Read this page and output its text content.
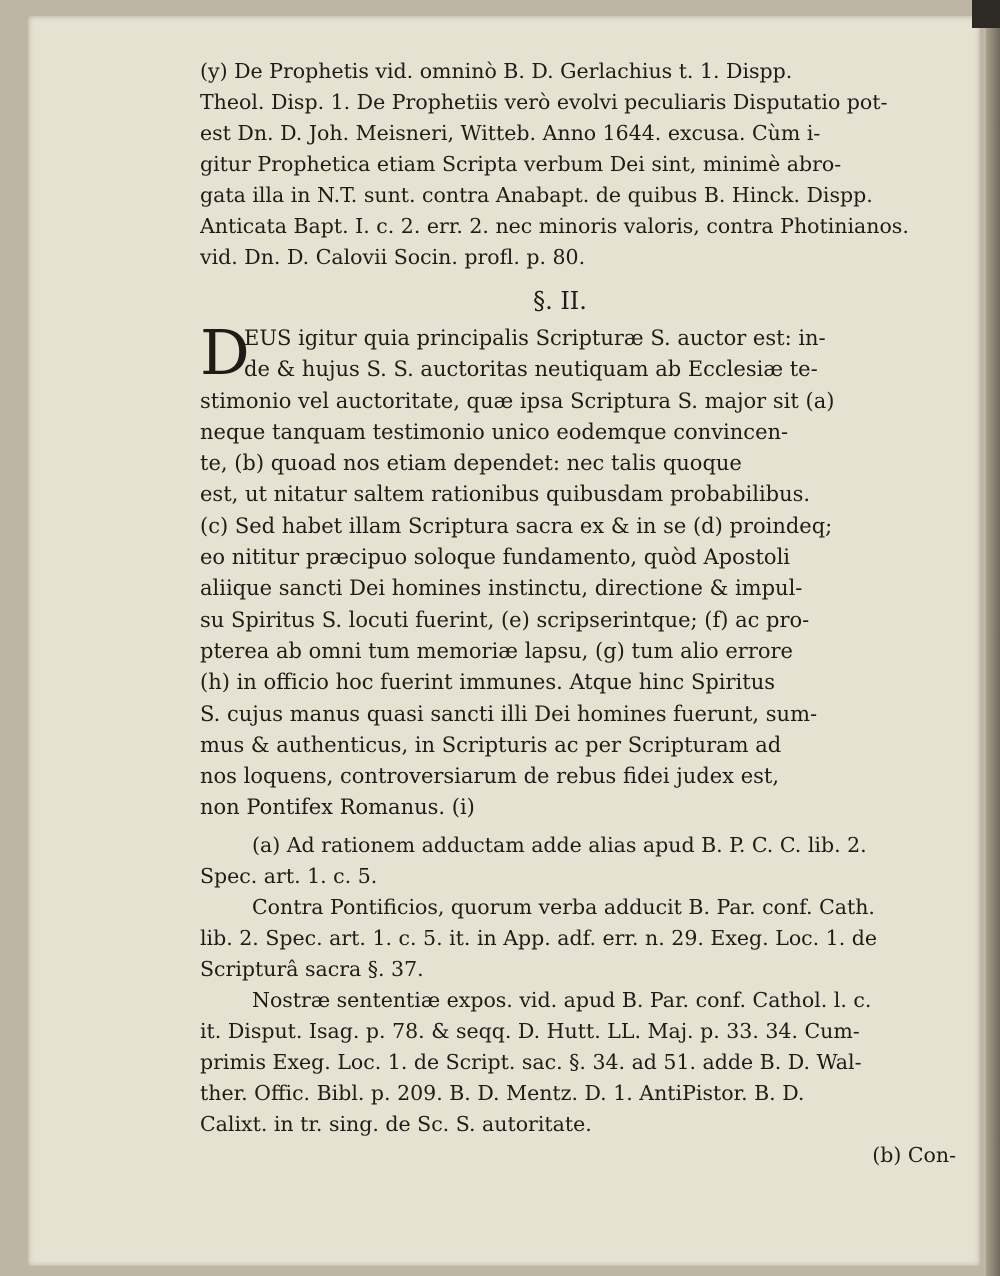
(y) De Prophetis vid. omninò B. D. Gerlachius t. 1. Dispp.
Theol. Disp. 1. De Prophetiis verò evolvi peculiaris Disputatio pot-
est Dn. D. Joh. Meisneri, Witteb. Anno 1644. excusa. Cùm i-
gitur Prophetica etiam Scripta verbum Dei sint, minimè abro-
gata illa in N.T. sunt. contra Anabapt. de quibus B. Hinck. Dispp.
Anticata Bapt. I. c. 2. err. 2. nec minoris valoris, contra Photinianos.
vid. Dn. D. Calovii Socin. profl. p. 80.
§. II.
D
EUS igitur quia principalis Scripturæ S. auctor est: in-
de & hujus S. S. auctoritas neutiquam ab Ecclesiæ te-
stimonio vel auctoritate, quæ ipsa Scriptura S. major sit (a)
neque tanquam testimonio unico eodemque convincen-
te, (b) quoad nos etiam dependet: nec talis quoque
est, ut nitatur saltem rationibus quibusdam probabilibus.
(c) Sed habet illam Scriptura sacra ex & in se (d) proindeq;
eo nititur præcipuo soloque fundamento, quòd Apostoli
aliique sancti Dei homines instinctu, directione & impul-
su Spiritus S. locuti fuerint, (e) scripserintque; (f) ac pro-
pterea ab omni tum memoriæ lapsu, (g) tum alio errore
(h) in officio hoc fuerint immunes. Atque hinc Spiritus
S. cujus manus quasi sancti illi Dei homines fuerunt, sum-
mus & authenticus, in Scripturis ac per Scripturam ad
nos loquens, controversiarum de rebus fidei judex est,
non Pontifex Romanus. (i)
(a) Ad rationem adductam adde alias apud B. P. C. C. lib. 2.
Spec. art. 1. c. 5.
Contra Pontificios, quorum verba adducit B. Par. conf. Cath.
lib. 2. Spec. art. 1. c. 5. it. in App. adf. err. n. 29. Exeg. Loc. 1. de
Scripturâ sacra §. 37.
Nostræ sententiæ expos. vid. apud B. Par. conf. Cathol. l. c.
it. Disput. Isag. p. 78. & seqq. D. Hutt. LL. Maj. p. 33. 34. Cum-
primis Exeg. Loc. 1. de Script. sac. §. 34. ad 51. adde B. D. Wal-
ther. Offic. Bibl. p. 209. B. D. Mentz. D. 1. AntiPistor. B. D.
Calixt. in tr. sing. de Sc. S. autoritate.
(b) Con-
